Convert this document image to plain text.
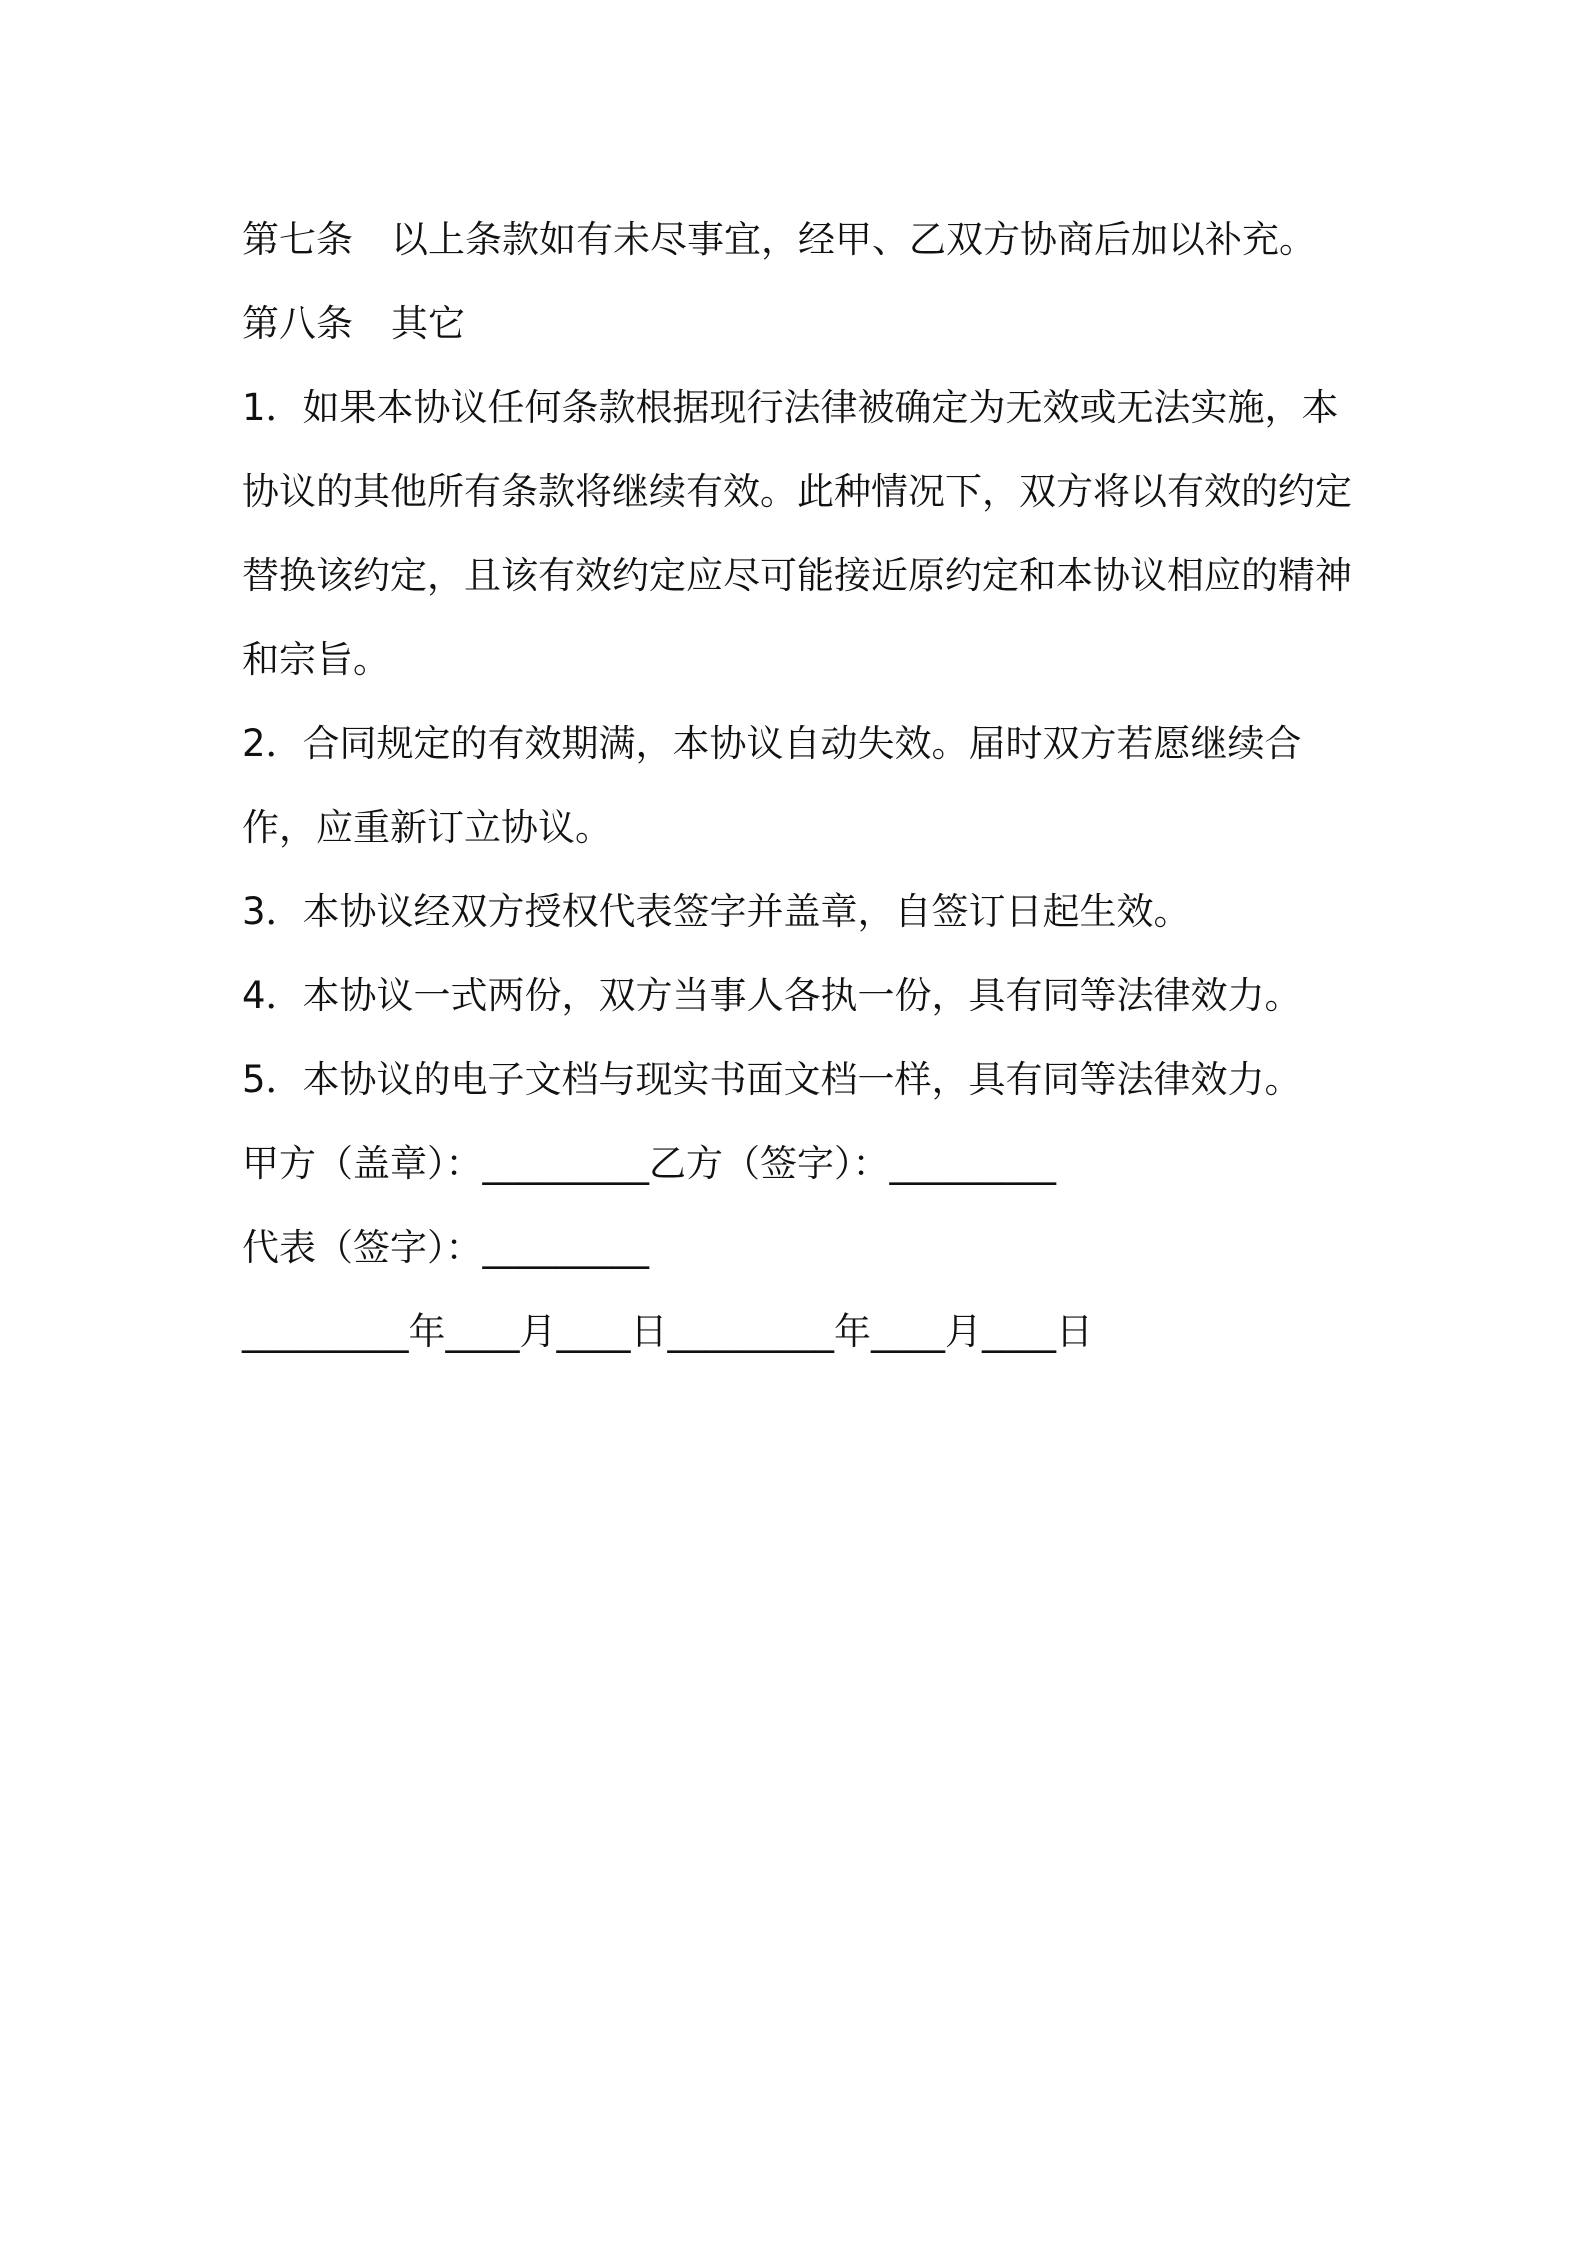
第七条 以上条款如有未尽事宜，经甲、乙双方协商后加以补充。
第八条 其它
1．如果本协议任何条款根据现行法律被确定为无效或无法实施，本协议的其他所有条款将继续有效。此种情况下，双方将以有效的约定替换该约定，且该有效约定应尽可能接近原约定和本协议相应的精神和宗旨。
2．合同规定的有效期满，本协议自动失效。届时双方若愿继续合作，应重新订立协议。
3．本协议经双方授权代表签字并盖章，自签订日起生效。
4．本协议一式两份，双方当事人各执一份，具有同等法律效力。
5．本协议的电子文档与现实书面文档一样，具有同等法律效力。
甲方（盖章）：_________乙方（签字）：_________
代表（签字）：_________
_________年____月____日_________年____月____日
